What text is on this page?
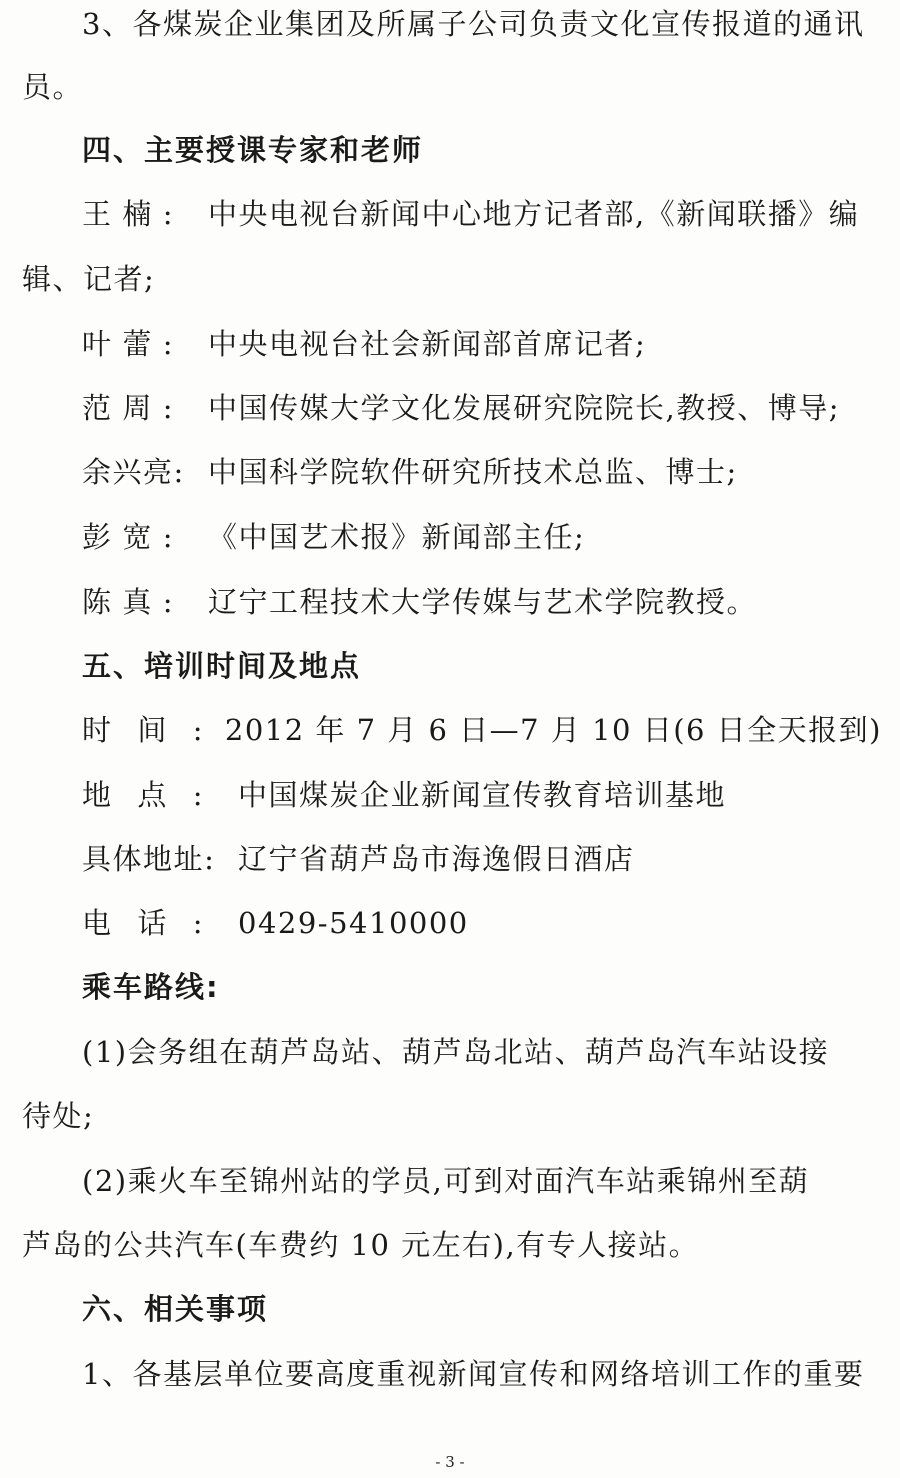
3、各煤炭企业集团及所属子公司负责文化宣传报道的通讯
员。
四、主要授课专家和老师
王 楠 : 中央电视台新闻中心地方记者部,《新闻联播》编
辑、记者;
叶 蕾 : 中央电视台社会新闻部首席记者;
范 周 : 中国传媒大学文化发展研究院院长,教授、博导;
余 兴 亮 : 中国科学院软件研究所技术总监、博士;
彭 宽 : 《中国艺术报》新闻部主任;
陈 真 : 辽宁工程技术大学传媒与艺术学院教授。
五、培训时间及地点
时 间 : 2012 年 7 月 6 日—7 月 10 日(6 日全天报到)
地 点 : 中国煤炭企业新闻宣传教育培训基地
具 体 地 址 : 辽宁省葫芦岛市海逸假日酒店
电 话 : 0429-5410000
乘车路线:
(1)会务组在葫芦岛站、葫芦岛北站、葫芦岛汽车站设接
待处;
(2)乘火车至锦州站的学员,可到对面汽车站乘锦州至葫
芦岛的公共汽车(车费约 10 元左右),有专人接站。
六、相关事项
1、各基层单位要高度重视新闻宣传和网络培训工作的重要
- 3 -
